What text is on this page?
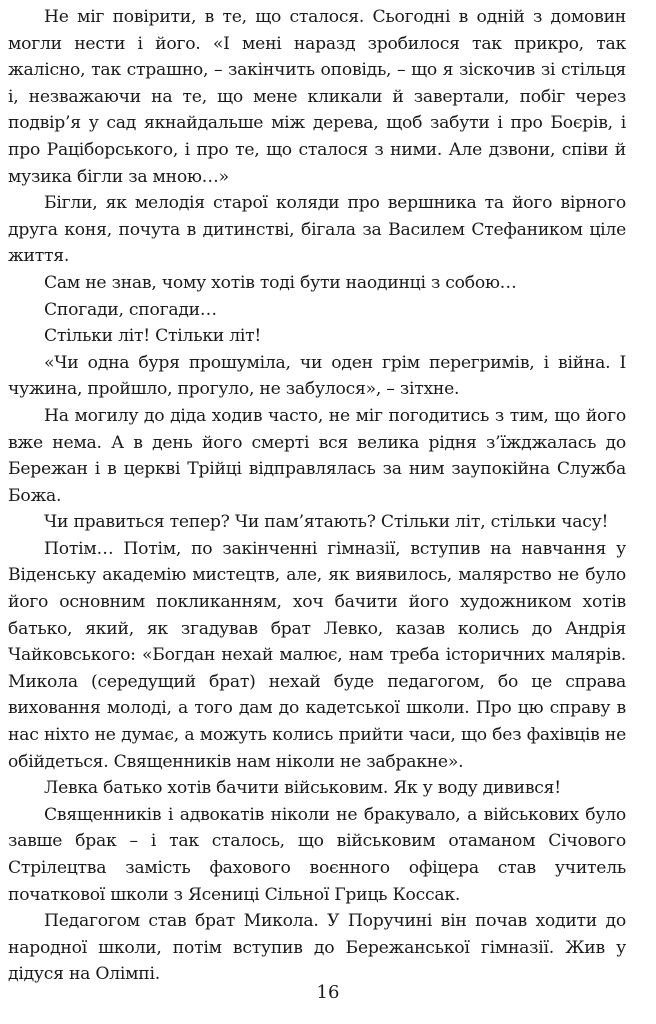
Не міг повірити, в те, що сталося. Сьогодні в одній з домовин могли нести і його. «І мені наразд зробилося так прикро, так жалісно, так страшно, – закінчить оповідь, – що я зіскочив зі стільця і, незважаючи на те, що мене кликали й завертали, побіг через подвір’я у сад якнайдальше між дерева, щоб забути і про Боєрів, і про Раціборського, і про те, що сталося з ними. Але дзвони, співи й музика бігли за мною…»

Бігли, як мелодія старої коляди про вершника та його вірного друга коня, почута в дитинстві, бігала за Василем Стефаником ціле життя.

Сам не знав, чому хотів тоді бути наодинці з собою…

Спогади, спогади…

Стільки літ! Стільки літ!

«Чи одна буря прошуміла, чи оден грім перегримів, і війна. І чужина, пройшло, прогуло, не забулося», – зітхне.

На могилу до діда ходив часто, не міг погодитись з тим, що його вже нема. А в день його смерті вся велика рідня з’їжджалась до Бережан і в церкві Трійці відправлялась за ним заупокійна Служба Божа.

Чи правиться тепер? Чи пам’ятають? Стільки літ, стільки часу!

Потім… Потім, по закінченні гімназії, вступив на навчання у Віденську академію мистецтв, але, як виявилось, малярство не було його основним покликанням, хоч бачити його художником хотів батько, який, як згадував брат Левко, казав колись до Андрія Чайковського: «Богдан нехай малює, нам треба історичних малярів. Микола (середущий брат) нехай буде педагогом, бо це справа виховання молоді, а того дам до кадетської школи. Про цю справу в нас ніхто не думає, а можуть колись прийти часи, що без фахівців не обійдеться. Священників нам ніколи не забракне».

Левка батько хотів бачити військовим. Як у воду дивився!

Священників і адвокатів ніколи не бракувало, а військових було завше брак – і так сталось, що військовим отаманом Січового Стрілецтва замість фахового воєнного офіцера став учитель початкової школи з Ясениці Сільної Гриць Коссак.

Педагогом став брат Микола. У Поручині він почав ходити до народної школи, потім вступив до Бережанської гімназії. Жив у дідуся на Олімпі.

16
